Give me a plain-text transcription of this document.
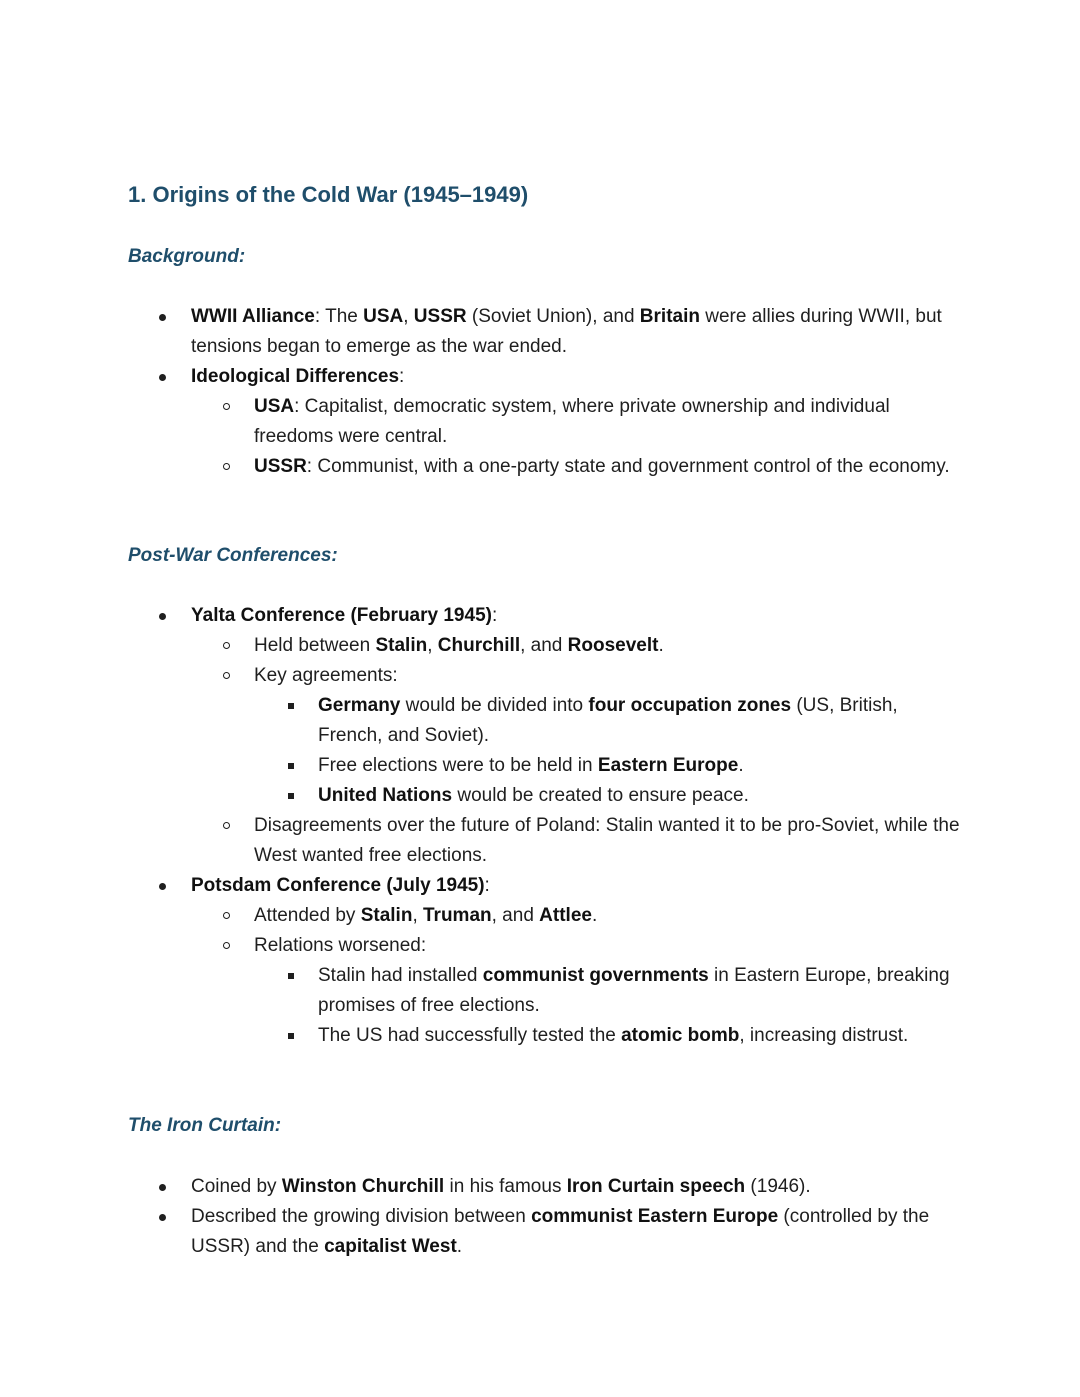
1. Origins of the Cold War (1945–1949)
Background:
WWII Alliance: The USA, USSR (Soviet Union), and Britain were allies during WWII, but tensions began to emerge as the war ended.
Ideological Differences:
USA: Capitalist, democratic system, where private ownership and individual freedoms were central.
USSR: Communist, with a one-party state and government control of the economy.
Post-War Conferences:
Yalta Conference (February 1945):
Held between Stalin, Churchill, and Roosevelt.
Key agreements:
Germany would be divided into four occupation zones (US, British, French, and Soviet).
Free elections were to be held in Eastern Europe.
United Nations would be created to ensure peace.
Disagreements over the future of Poland: Stalin wanted it to be pro-Soviet, while the West wanted free elections.
Potsdam Conference (July 1945):
Attended by Stalin, Truman, and Attlee.
Relations worsened:
Stalin had installed communist governments in Eastern Europe, breaking promises of free elections.
The US had successfully tested the atomic bomb, increasing distrust.
The Iron Curtain:
Coined by Winston Churchill in his famous Iron Curtain speech (1946).
Described the growing division between communist Eastern Europe (controlled by the USSR) and the capitalist West.
